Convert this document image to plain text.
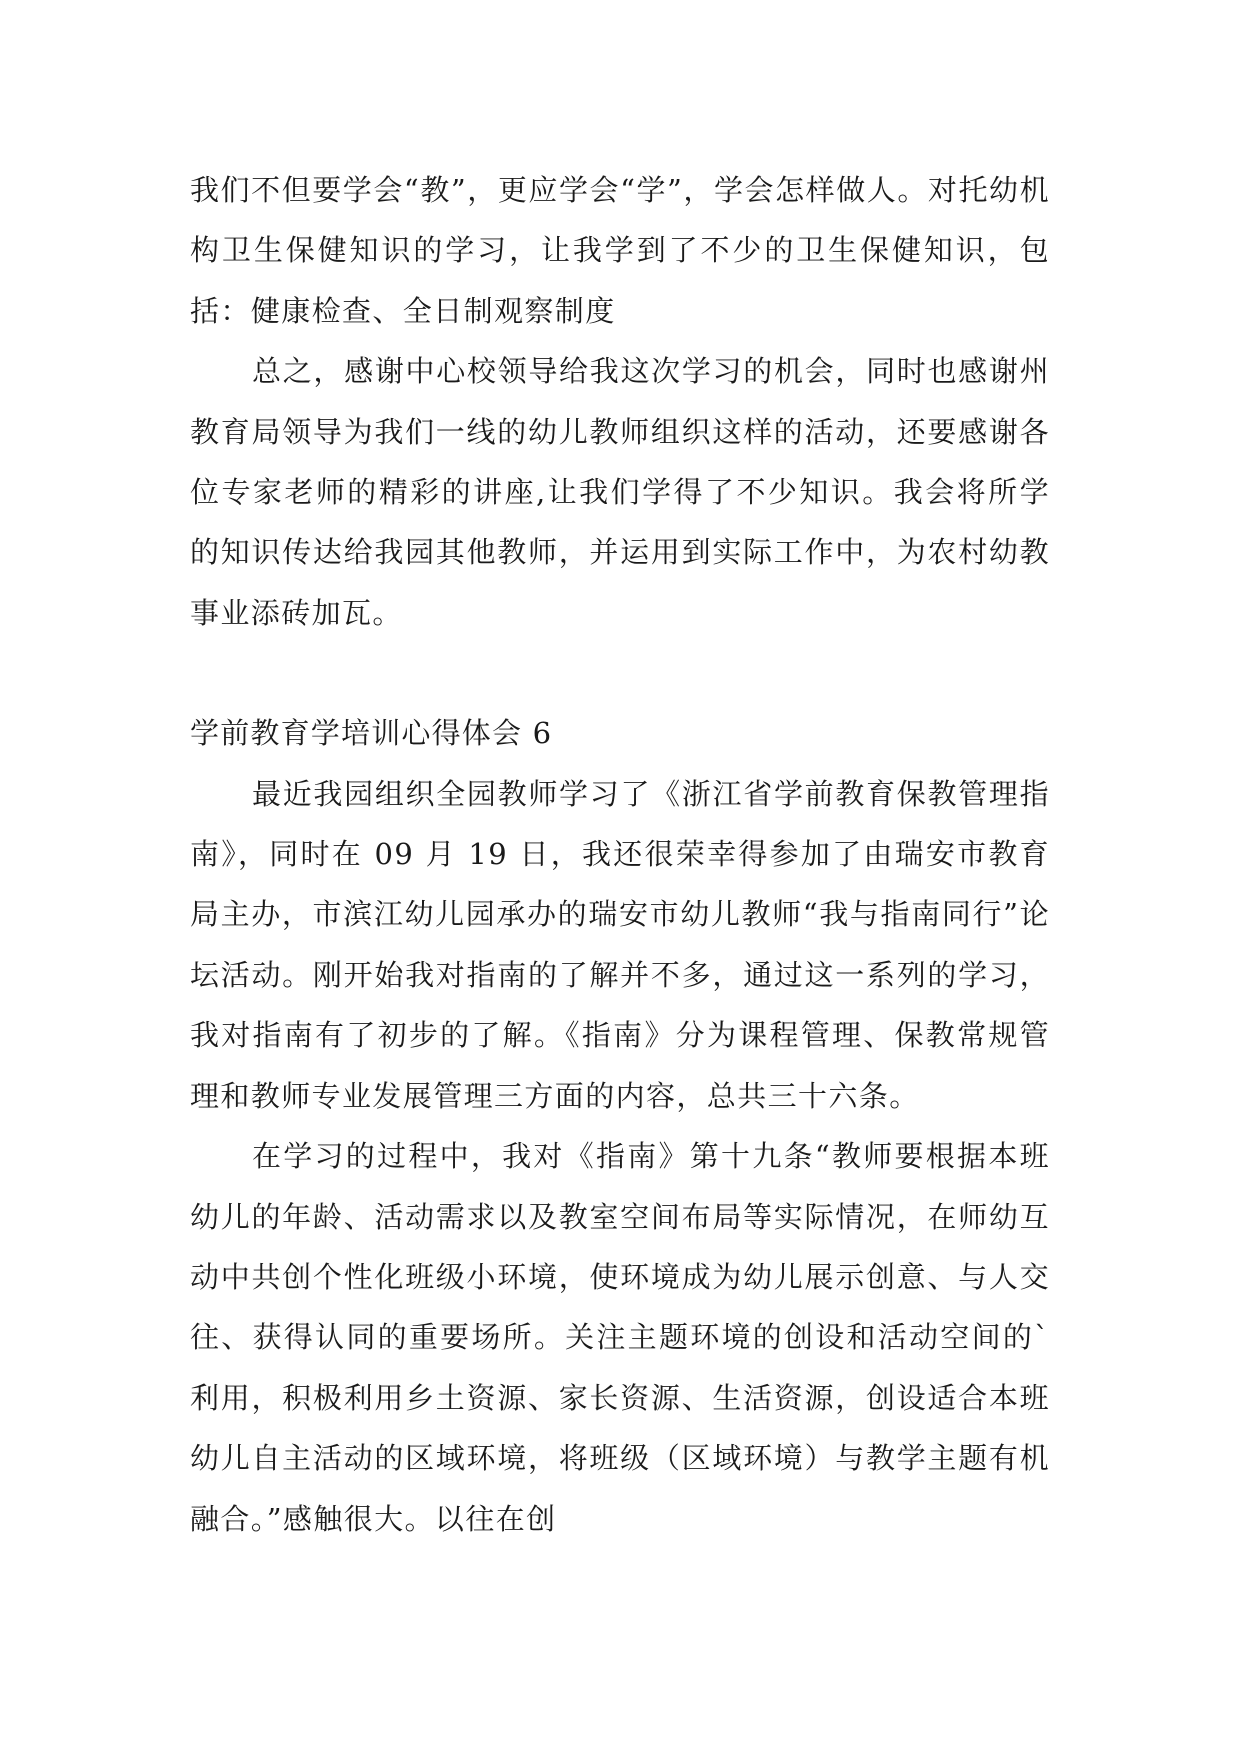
我们不但要学会“教”，更应学会“学”，学会怎样做人。对托幼机构卫生保健知识的学习，让我学到了不少的卫生保健知识，包括：健康检查、全日制观察制度

总之，感谢中心校领导给我这次学习的机会，同时也感谢州教育局领导为我们一线的幼儿教师组织这样的活动，还要感谢各位专家老师的精彩的讲座,让我们学得了不少知识。我会将所学的知识传达给我园其他教师，并运用到实际工作中，为农村幼教事业添砖加瓦。

学前教育学培训心得体会 6

最近我园组织全园教师学习了《浙江省学前教育保教管理指南》，同时在 09 月 19 日，我还很荣幸得参加了由瑞安市教育局主办，市滨江幼儿园承办的瑞安市幼儿教师“我与指南同行”论坛活动。刚开始我对指南的了解并不多，通过这一系列的学习，我对指南有了初步的了解。《指南》分为课程管理、保教常规管理和教师专业发展管理三方面的内容，总共三十六条。

在学习的过程中，我对《指南》第十九条“教师要根据本班幼儿的年龄、活动需求以及教室空间布局等实际情况，在师幼互动中共创个性化班级小环境，使环境成为幼儿展示创意、与人交往、获得认同的重要场所。关注主题环境的创设和活动空间的`利用，积极利用乡土资源、家长资源、生活资源，创设适合本班幼儿自主活动的区域环境，将班级（区域环境）与教学主题有机融合。”感触很大。以往在创
